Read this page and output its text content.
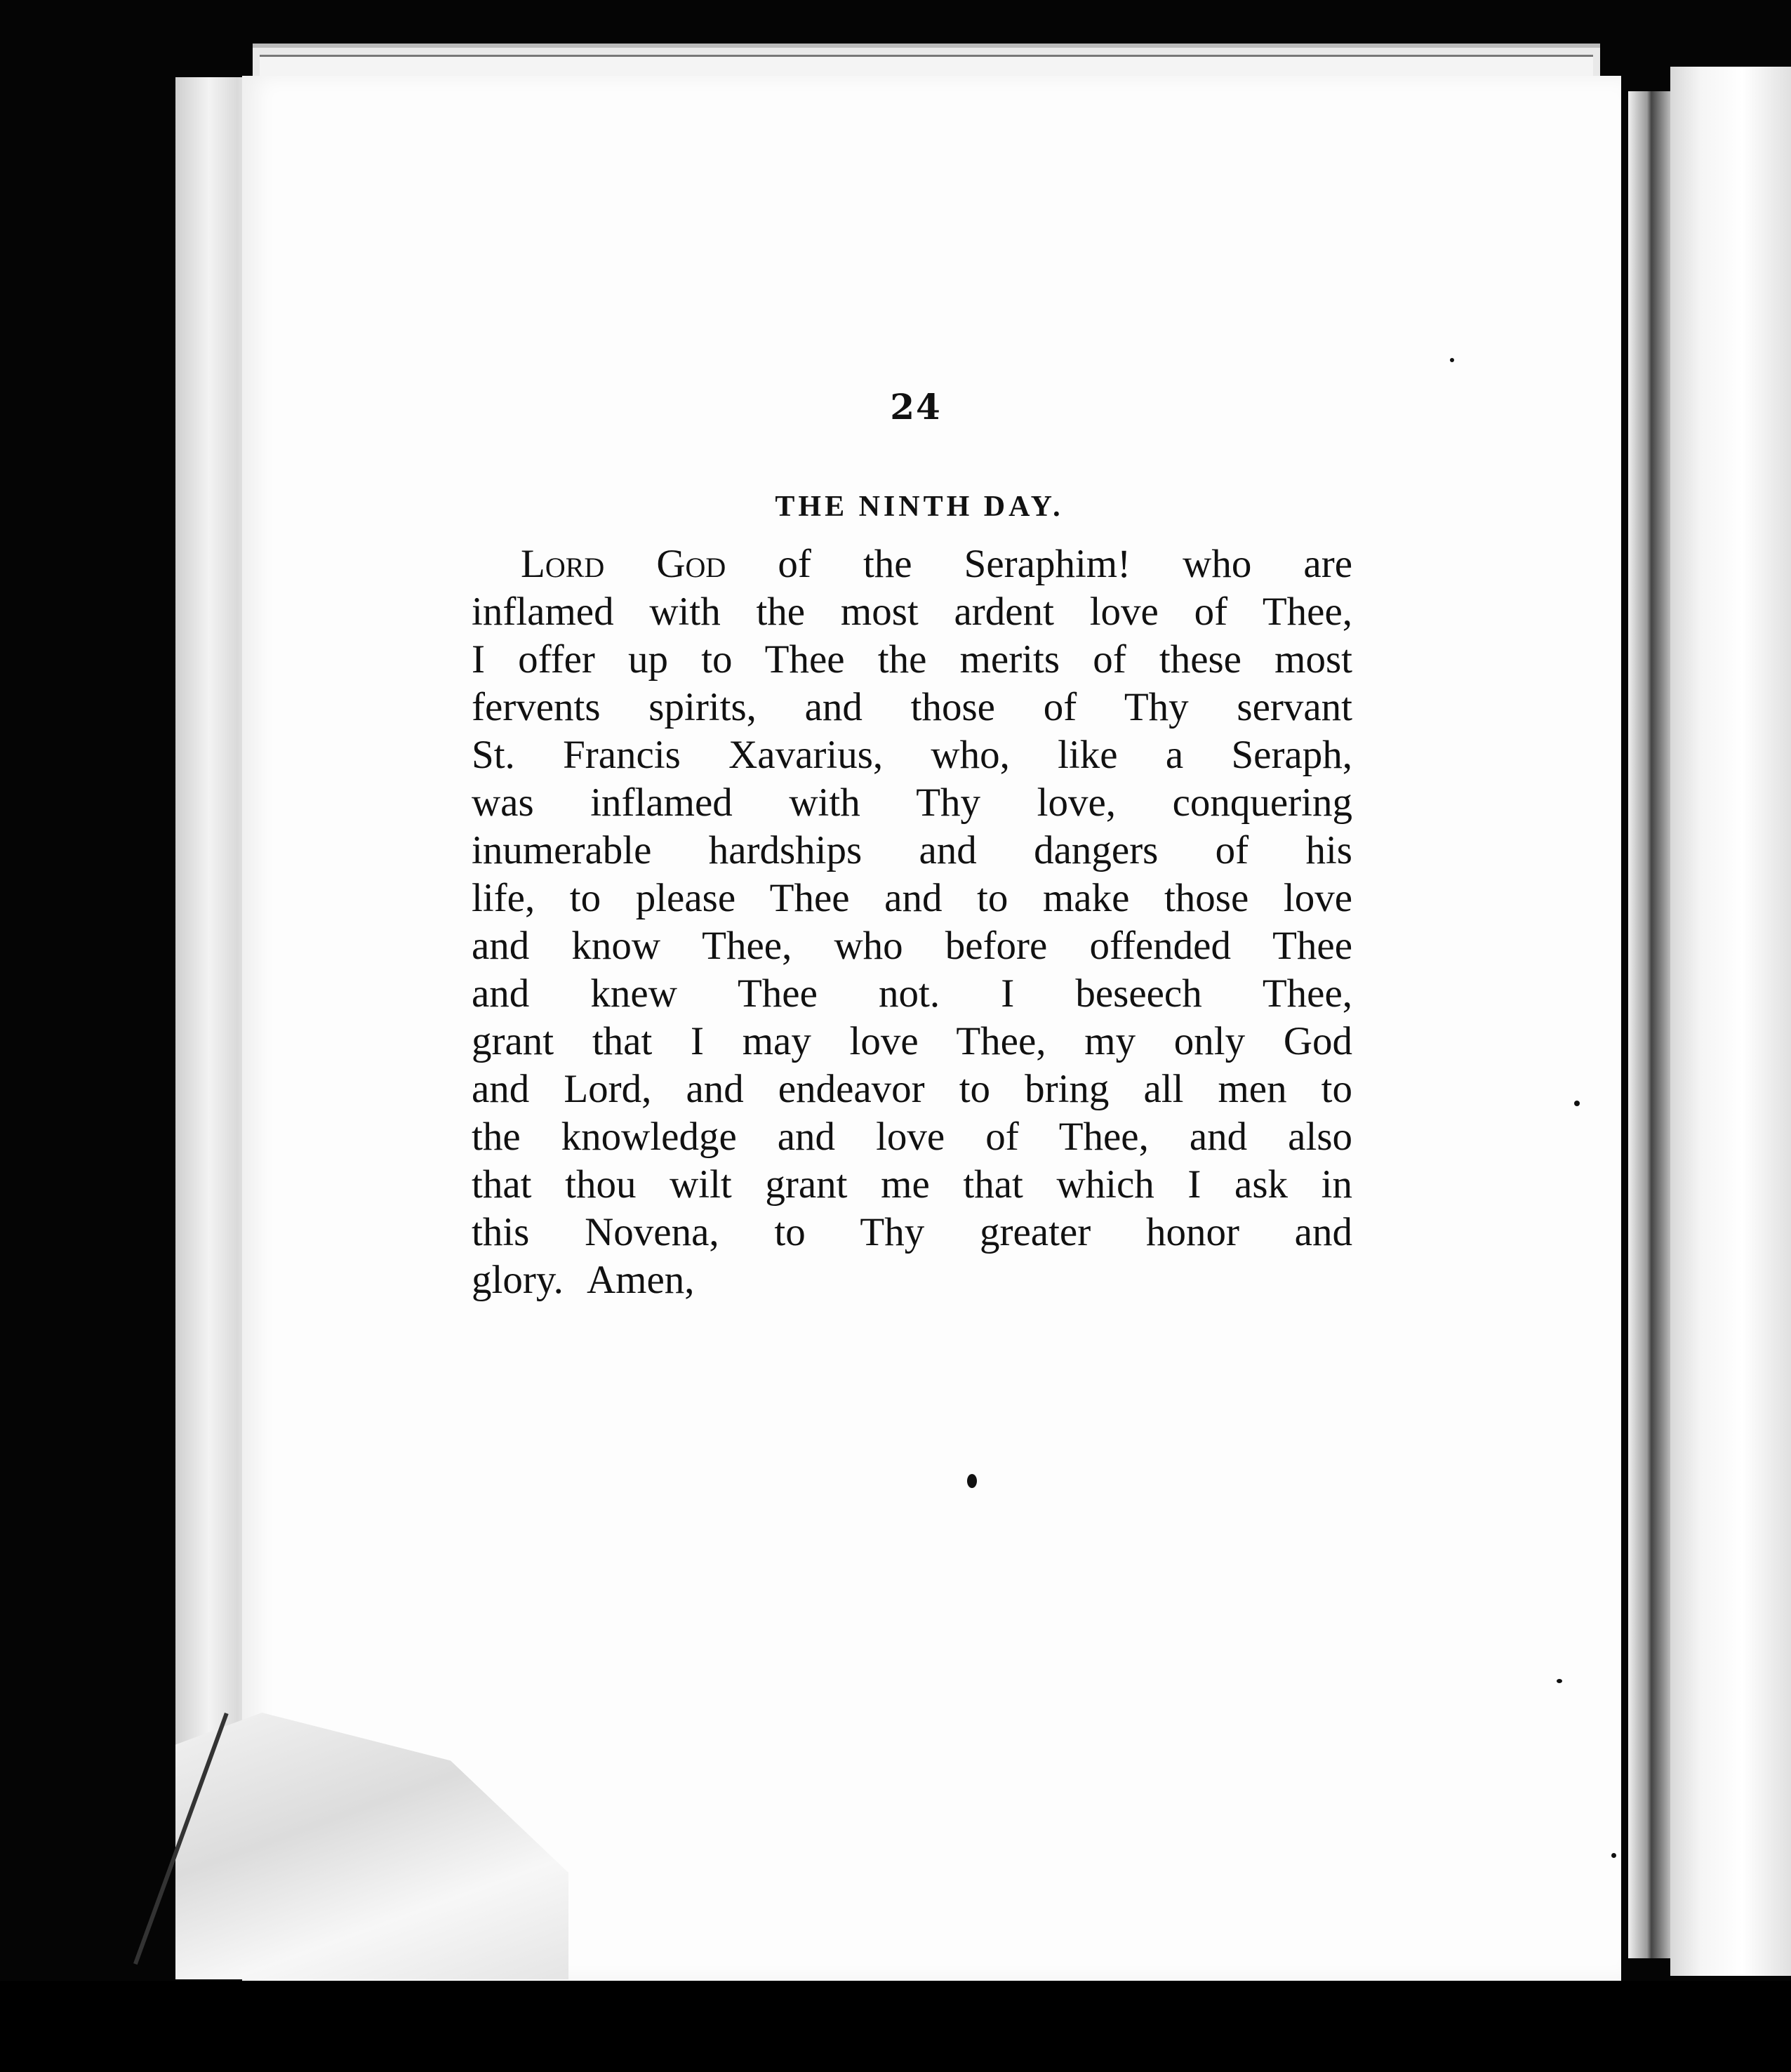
24
THE NINTH DAY.
Lord God of the Seraphim! who are
inflamed with the most ardent love of Thee,
I offer up to Thee the merits of these most
fervents spirits, and those of Thy servant
St. Francis Xavarius, who, like a Seraph,
was inflamed with Thy love, conquering
inumerable hardships and dangers of his
life, to please Thee and to make those love
and know Thee, who before offended Thee
and knew Thee not. I beseech Thee,
grant that I may love Thee, my only God
and Lord, and endeavor to bring all men to
the knowledge and love of Thee, and also
that thou wilt grant me that which I ask in
this Novena, to Thy greater honor and
glory. Amen,
